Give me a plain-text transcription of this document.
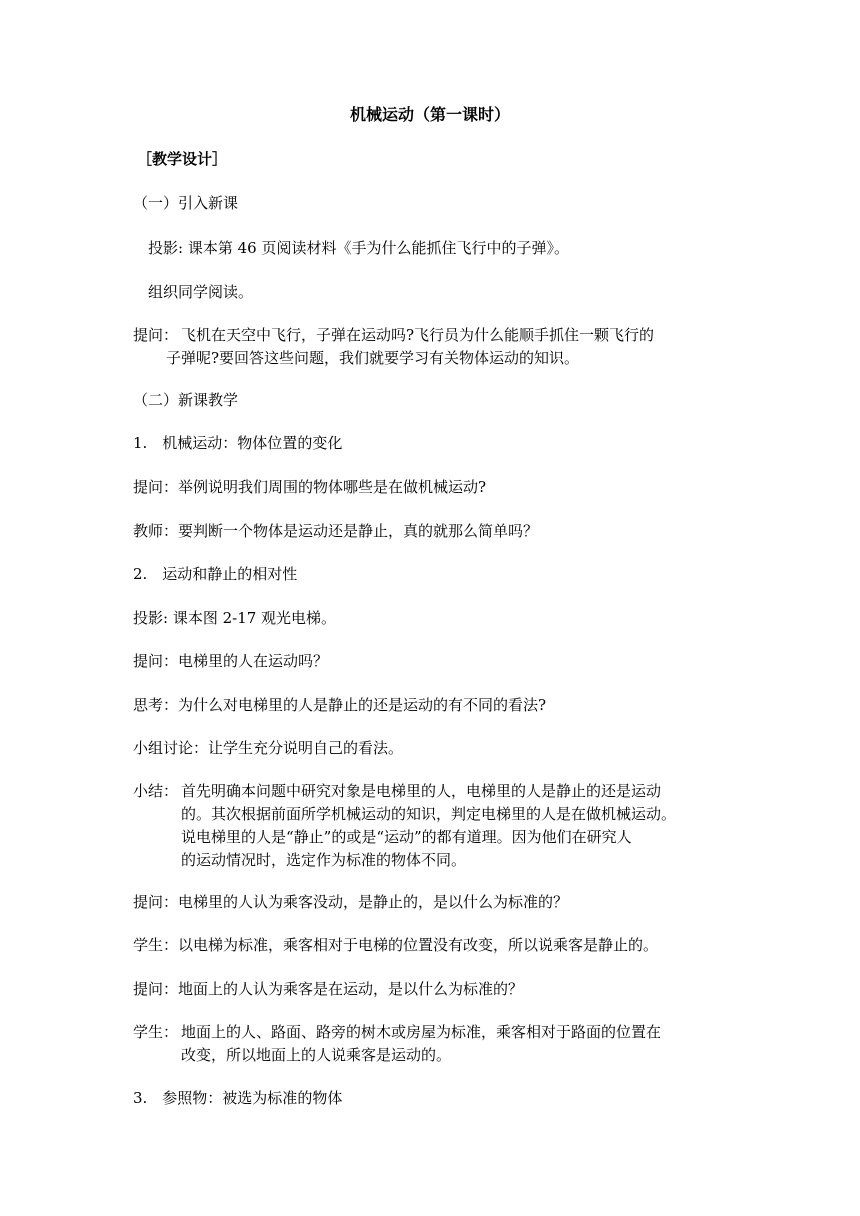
机械运动（第一课时）
［教学设计］
（一）引入新课
投影: 课本第 46 页阅读材料《手为什么能抓住飞行中的子弹》。
组织同学阅读。
提问： 飞机在天空中飞行，子弹在运动吗?飞行员为什么能顺手抓住一颗飞行的
子弹呢?要回答这些问题，我们就要学习有关物体运动的知识。
（二）新课教学
1.　机械运动：物体位置的变化
提问：举例说明我们周围的物体哪些是在做机械运动?
教师：要判断一个物体是运动还是静止，真的就那么简单吗？
2.　运动和静止的相对性
投影: 课本图 2-17 观光电梯。
提问：电梯里的人在运动吗？
思考：为什么对电梯里的人是静止的还是运动的有不同的看法?
小组讨论：让学生充分说明自己的看法。
小结： 首先明确本问题中研究对象是电梯里的人，电梯里的人是静止的还是运动
的。其次根据前面所学机械运动的知识，判定电梯里的人是在做机械运动。
说电梯里的人是“静止”的或是“运动”的都有道理。因为他们在研究人
的运动情况时，选定作为标准的物体不同。
提问：电梯里的人认为乘客没动，是静止的，是以什么为标准的？
学生：以电梯为标准，乘客相对于电梯的位置没有改变，所以说乘客是静止的。
提问：地面上的人认为乘客是在运动，是以什么为标准的？
学生： 地面上的人、路面、路旁的树木或房屋为标准，乘客相对于路面的位置在
改变，所以地面上的人说乘客是运动的。
3.　参照物：被选为标准的物体
